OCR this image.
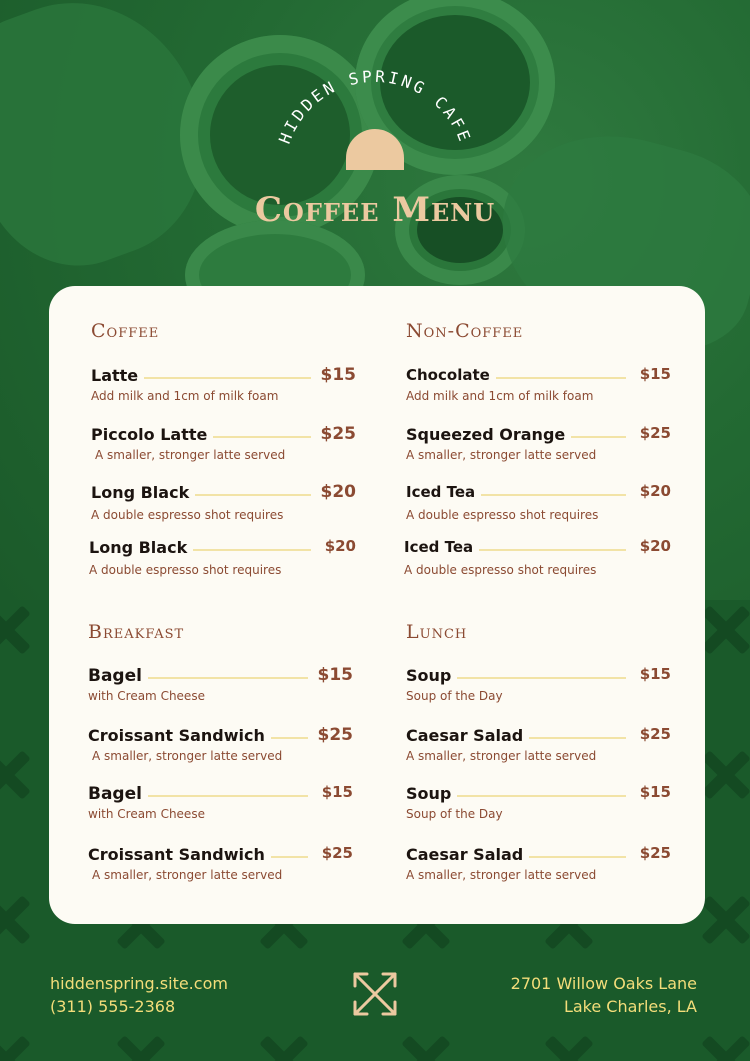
HIDDEN SPRING CAFE
Coffee Menu
Coffee
Latte	$15
Add milk and 1cm of milk foam
Piccolo Latte	$25
A smaller, stronger latte served
Long Black	$20
A double espresso shot requires
Long Black	$20
A double espresso shot requires
Non-Coffee
Chocolate	$15
Add milk and 1cm of milk foam
Squeezed Orange	$25
A smaller, stronger latte served
Iced Tea	$20
A double espresso shot requires
Iced Tea	$20
A double espresso shot requires
Breakfast
Bagel	$15
with Cream Cheese
Croissant Sandwich	$25
A smaller, stronger latte served
Bagel	$15
with Cream Cheese
Croissant Sandwich	$25
A smaller, stronger latte served
Lunch
Soup	$15
Soup of the Day
Caesar Salad	$25
A smaller, stronger latte served
Soup	$15
Soup of the Day
Caesar Salad	$25
A smaller, stronger latte served
hiddenspring.site.com
(311) 555-2368
2701 Willow Oaks Lane
Lake Charles, LA
